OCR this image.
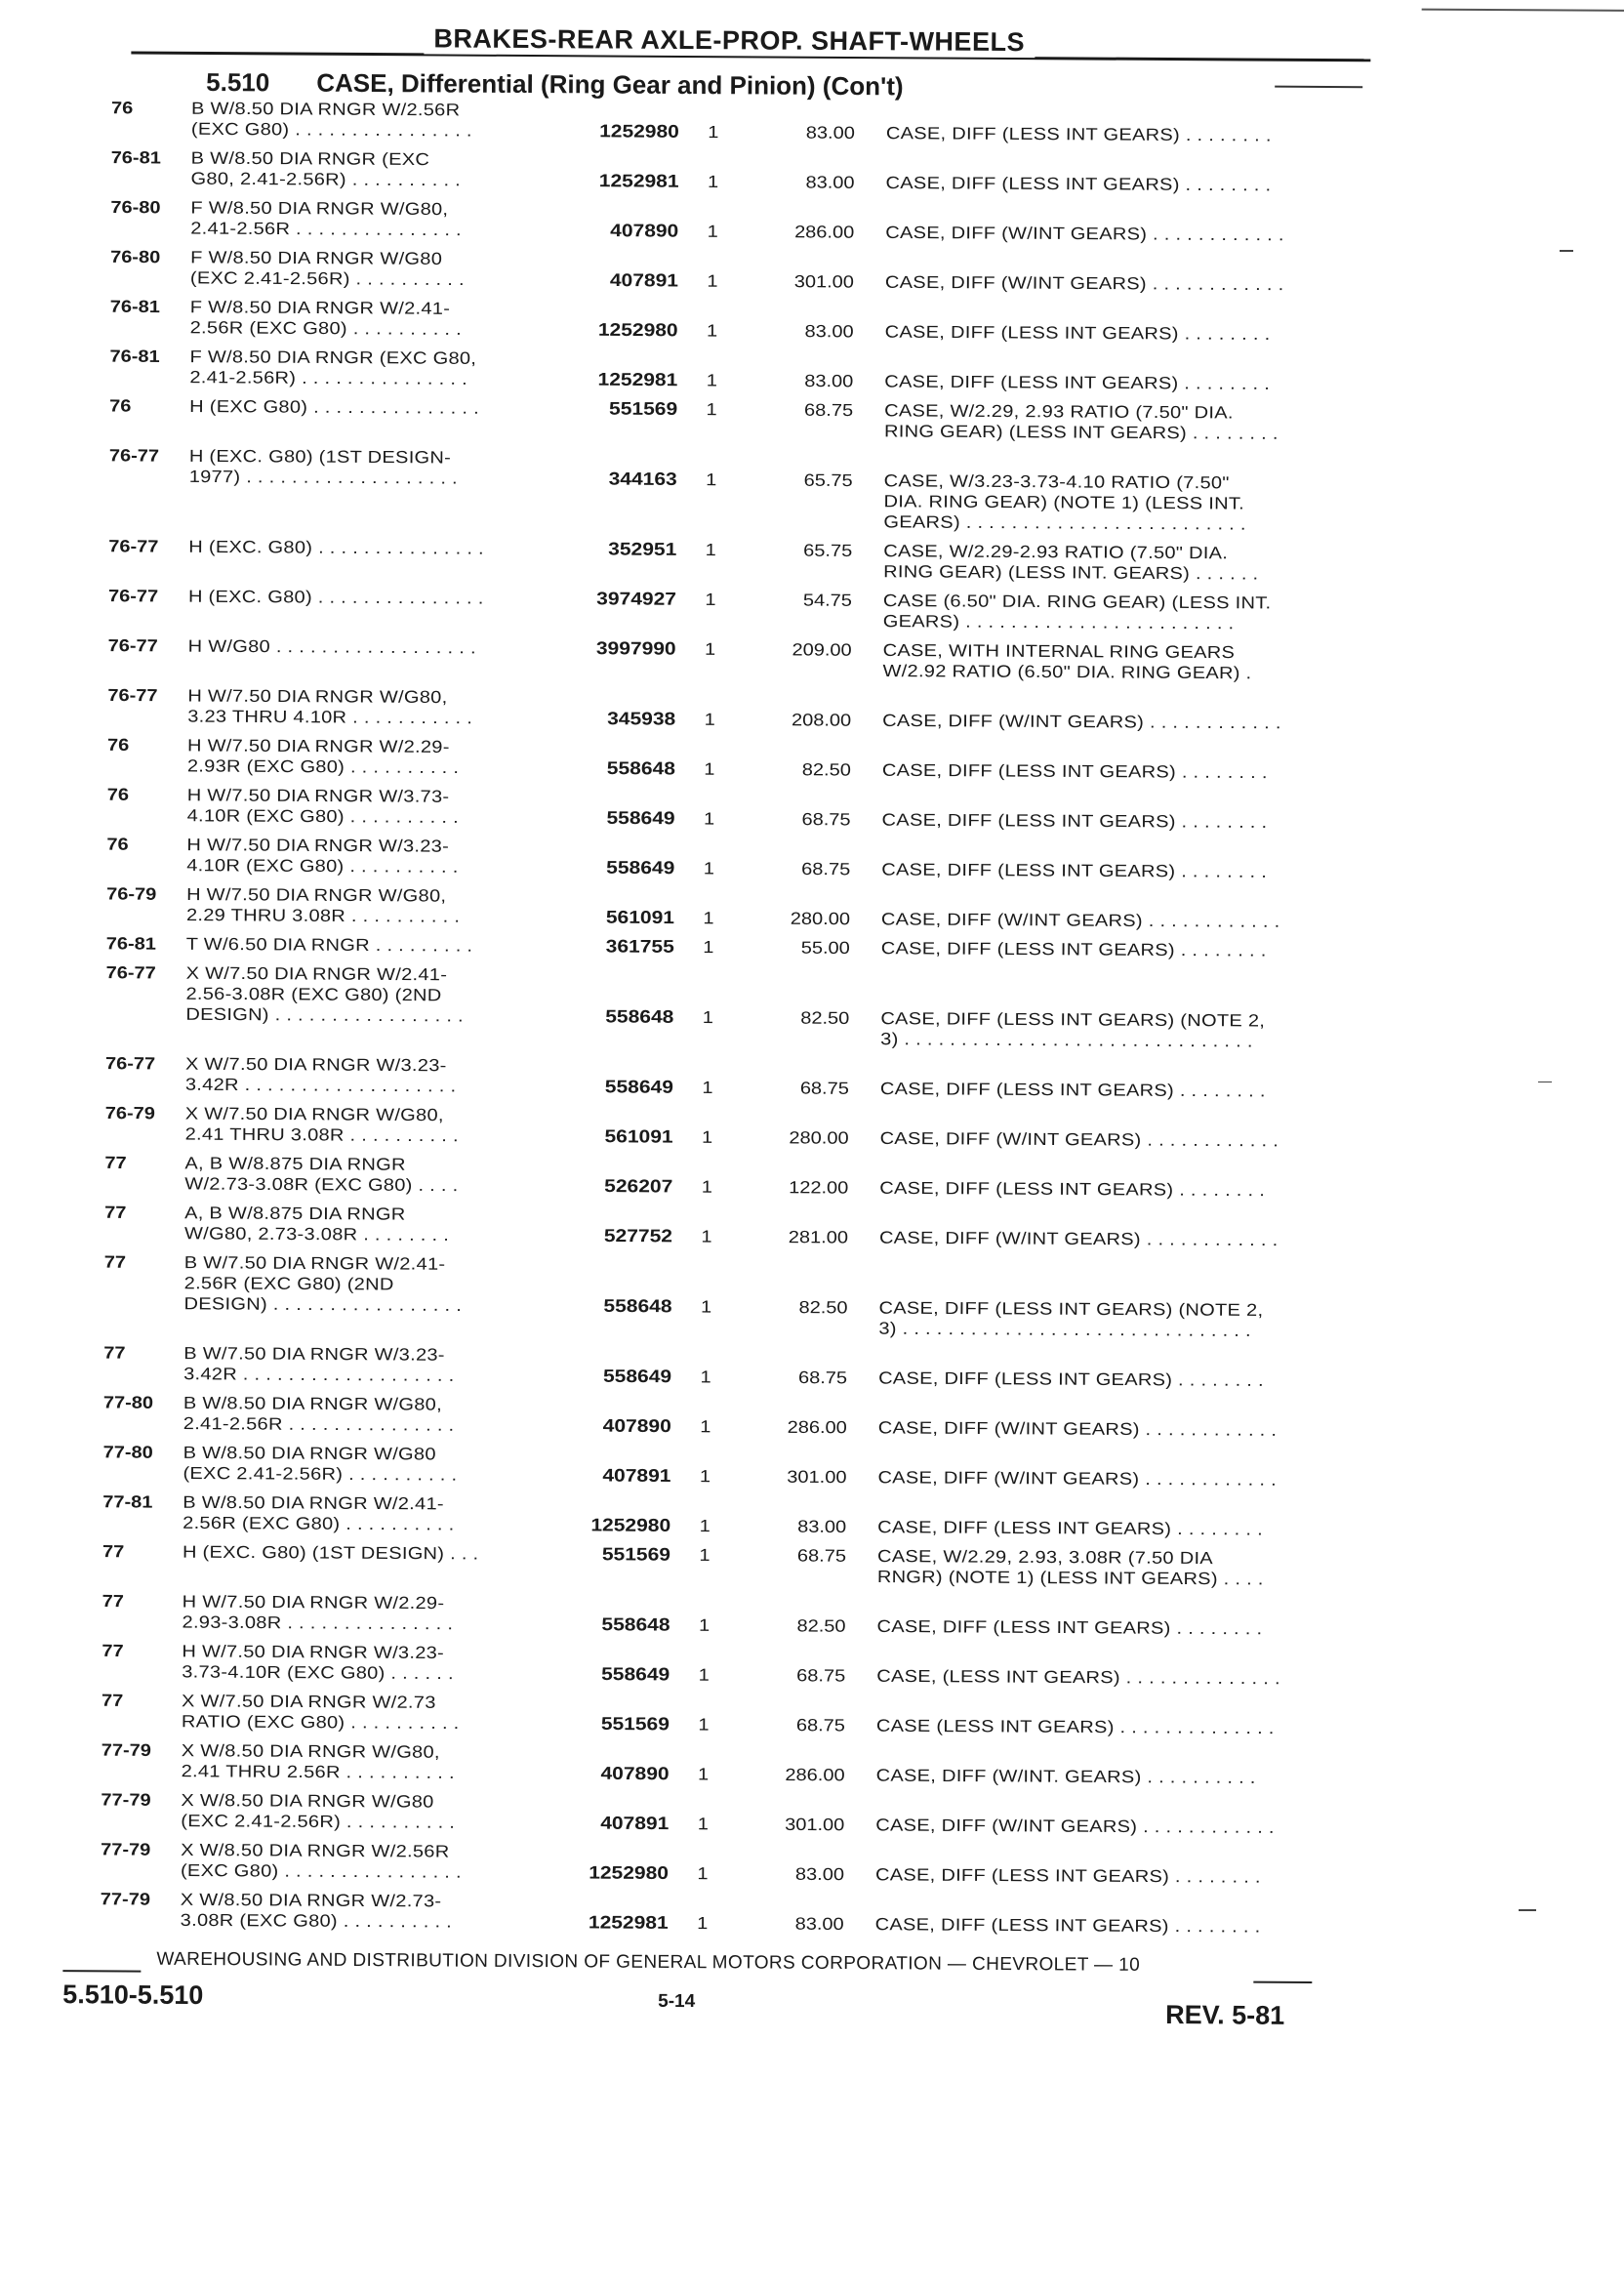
BRAKES-REAR AXLE-PROP. SHAFT-WHEELS
5.510 CASE, Differential (Ring Gear and Pinion) (Con't)
76	B W/8.50 DIA RNGR W/2.56R
(EXC G80) . . . . . . . . . . . . . . . .	1252980 1	83.00 CASE, DIFF (LESS INT GEARS) . . . . . . . .
76-81	B W/8.50 DIA RNGR (EXC
G80, 2.41-2.56R) . . . . . . . . . .	1252981 1	83.00 CASE, DIFF (LESS INT GEARS) . . . . . . . .
76-80	F W/8.50 DIA RNGR W/G80,
2.41-2.56R . . . . . . . . . . . . . . .	407890 1	286.00 CASE, DIFF (W/INT GEARS) . . . . . . . . . . . .
76-80	F W/8.50 DIA RNGR W/G80
(EXC 2.41-2.56R) . . . . . . . . . .	407891 1	301.00 CASE, DIFF (W/INT GEARS) . . . . . . . . . . . .
76-81	F W/8.50 DIA RNGR W/2.41-
2.56R (EXC G80) . . . . . . . . . .	1252980 1	83.00 CASE, DIFF (LESS INT GEARS) . . . . . . . .
76-81	F W/8.50 DIA RNGR (EXC G80,
2.41-2.56R) . . . . . . . . . . . . . . .	1252981 1	83.00 CASE, DIFF (LESS INT GEARS) . . . . . . . .
76	H (EXC G80) . . . . . . . . . . . . . . .	551569 1	68.75 CASE, W/2.29, 2.93 RATIO (7.50" DIA.
RING GEAR) (LESS INT GEARS) . . . . . . . .
76-77	H (EXC. G80) (1ST DESIGN-
1977) . . . . . . . . . . . . . . . . . . .	344163 1	65.75 CASE, W/3.23-3.73-4.10 RATIO (7.50"
DIA. RING GEAR) (NOTE 1) (LESS INT.
GEARS) . . . . . . . . . . . . . . . . . . . . . . . . .
76-77	H (EXC. G80) . . . . . . . . . . . . . . .	352951 1	65.75 CASE, W/2.29-2.93 RATIO (7.50" DIA.
RING GEAR) (LESS INT. GEARS) . . . . . .
76-77	H (EXC. G80) . . . . . . . . . . . . . . .	3974927 1	54.75 CASE (6.50" DIA. RING GEAR) (LESS INT.
GEARS) . . . . . . . . . . . . . . . . . . . . . . . .
76-77	H W/G80 . . . . . . . . . . . . . . . . . .	3997990 1	209.00 CASE, WITH INTERNAL RING GEARS
W/2.92 RATIO (6.50" DIA. RING GEAR) .
76-77	H W/7.50 DIA RNGR W/G80,
3.23 THRU 4.10R . . . . . . . . . . .	345938 1	208.00 CASE, DIFF (W/INT GEARS) . . . . . . . . . . . .
76	H W/7.50 DIA RNGR W/2.29-
2.93R (EXC G80) . . . . . . . . . .	558648 1	82.50 CASE, DIFF (LESS INT GEARS) . . . . . . . .
76	H W/7.50 DIA RNGR W/3.73-
4.10R (EXC G80) . . . . . . . . . .	558649 1	68.75 CASE, DIFF (LESS INT GEARS) . . . . . . . .
76	H W/7.50 DIA RNGR W/3.23-
4.10R (EXC G80) . . . . . . . . . .	558649 1	68.75 CASE, DIFF (LESS INT GEARS) . . . . . . . .
76-79	H W/7.50 DIA RNGR W/G80,
2.29 THRU 3.08R . . . . . . . . . .	561091 1	280.00 CASE, DIFF (W/INT GEARS) . . . . . . . . . . . .
76-81	T W/6.50 DIA RNGR . . . . . . . . .	361755 1	55.00 CASE, DIFF (LESS INT GEARS) . . . . . . . .
76-77	X W/7.50 DIA RNGR W/2.41-
2.56-3.08R (EXC G80) (2ND
DESIGN) . . . . . . . . . . . . . . . . .	558648 1	82.50 CASE, DIFF (LESS INT GEARS) (NOTE 2,
3) . . . . . . . . . . . . . . . . . . . . . . . . . . . . . . .
76-77	X W/7.50 DIA RNGR W/3.23-
3.42R . . . . . . . . . . . . . . . . . . .	558649 1	68.75 CASE, DIFF (LESS INT GEARS) . . . . . . . .
76-79	X W/7.50 DIA RNGR W/G80,
2.41 THRU 3.08R . . . . . . . . . .	561091 1	280.00 CASE, DIFF (W/INT GEARS) . . . . . . . . . . . .
77	A, B W/8.875 DIA RNGR
W/2.73-3.08R (EXC G80) . . . .	526207 1	122.00 CASE, DIFF (LESS INT GEARS) . . . . . . . .
77	A, B W/8.875 DIA RNGR
W/G80, 2.73-3.08R . . . . . . . .	527752 1	281.00 CASE, DIFF (W/INT GEARS) . . . . . . . . . . . .
77	B W/7.50 DIA RNGR W/2.41-
2.56R (EXC G80) (2ND
DESIGN) . . . . . . . . . . . . . . . . .	558648 1	82.50 CASE, DIFF (LESS INT GEARS) (NOTE 2,
3) . . . . . . . . . . . . . . . . . . . . . . . . . . . . . . .
77	B W/7.50 DIA RNGR W/3.23-
3.42R . . . . . . . . . . . . . . . . . . .	558649 1	68.75 CASE, DIFF (LESS INT GEARS) . . . . . . . .
77-80	B W/8.50 DIA RNGR W/G80,
2.41-2.56R . . . . . . . . . . . . . . .	407890 1	286.00 CASE, DIFF (W/INT GEARS) . . . . . . . . . . . .
77-80	B W/8.50 DIA RNGR W/G80
(EXC 2.41-2.56R) . . . . . . . . . .	407891 1	301.00 CASE, DIFF (W/INT GEARS) . . . . . . . . . . . .
77-81	B W/8.50 DIA RNGR W/2.41-
2.56R (EXC G80) . . . . . . . . . .	1252980 1	83.00 CASE, DIFF (LESS INT GEARS) . . . . . . . .
77	H (EXC. G80) (1ST DESIGN) . . .	551569 1	68.75 CASE, W/2.29, 2.93, 3.08R (7.50 DIA
RNGR) (NOTE 1) (LESS INT GEARS) . . . .
77	H W/7.50 DIA RNGR W/2.29-
2.93-3.08R . . . . . . . . . . . . . . .	558648 1	82.50 CASE, DIFF (LESS INT GEARS) . . . . . . . .
77	H W/7.50 DIA RNGR W/3.23-
3.73-4.10R (EXC G80) . . . . . .	558649 1	68.75 CASE, (LESS INT GEARS) . . . . . . . . . . . . . .
77	X W/7.50 DIA RNGR W/2.73
RATIO (EXC G80) . . . . . . . . . .	551569 1	68.75 CASE (LESS INT GEARS) . . . . . . . . . . . . . .
77-79	X W/8.50 DIA RNGR W/G80,
2.41 THRU 2.56R . . . . . . . . . .	407890 1	286.00 CASE, DIFF (W/INT. GEARS) . . . . . . . . . .
77-79	X W/8.50 DIA RNGR W/G80
(EXC 2.41-2.56R) . . . . . . . . . .	407891 1	301.00 CASE, DIFF (W/INT GEARS) . . . . . . . . . . . .
77-79	X W/8.50 DIA RNGR W/2.56R
(EXC G80) . . . . . . . . . . . . . . . .	1252980 1	83.00 CASE, DIFF (LESS INT GEARS) . . . . . . . .
77-79	X W/8.50 DIA RNGR W/2.73-
3.08R (EXC G80) . . . . . . . . . .	1252981 1	83.00 CASE, DIFF (LESS INT GEARS) . . . . . . . .
WAREHOUSING AND DISTRIBUTION DIVISION OF GENERAL MOTORS CORPORATION — CHEVROLET — 10
5.510-5.510	5-14	REV. 5-81
